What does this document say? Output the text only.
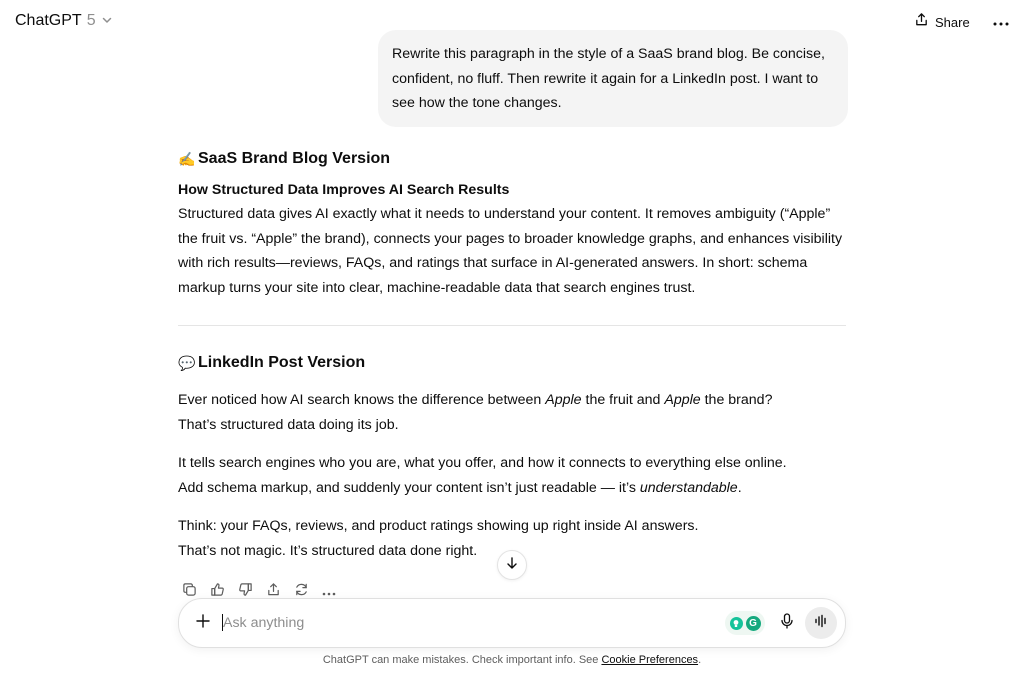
ChatGPT 5	Share
Rewrite this paragraph in the style of a SaaS brand blog. Be concise, confident, no fluff. Then rewrite it again for a LinkedIn post. I want to see how the tone changes.
✍️ SaaS Brand Blog Version
How Structured Data Improves AI Search Results
Structured data gives AI exactly what it needs to understand your content. It removes ambiguity (“Apple” the fruit vs. “Apple” the brand), connects your pages to broader knowledge graphs, and enhances visibility with rich results—reviews, FAQs, and ratings that surface in AI-generated answers. In short: schema markup turns your site into clear, machine-readable data that search engines trust.
💬 LinkedIn Post Version
Ever noticed how AI search knows the difference between Apple the fruit and Apple the brand?
That’s structured data doing its job.
It tells search engines who you are, what you offer, and how it connects to everything else online.
Add schema markup, and suddenly your content isn’t just readable — it’s understandable.
Think: your FAQs, reviews, and product ratings showing up right inside AI answers.
That’s not magic. It’s structured data done right.
Ask anything
G
ChatGPT can make mistakes. Check important info. See Cookie Preferences.
